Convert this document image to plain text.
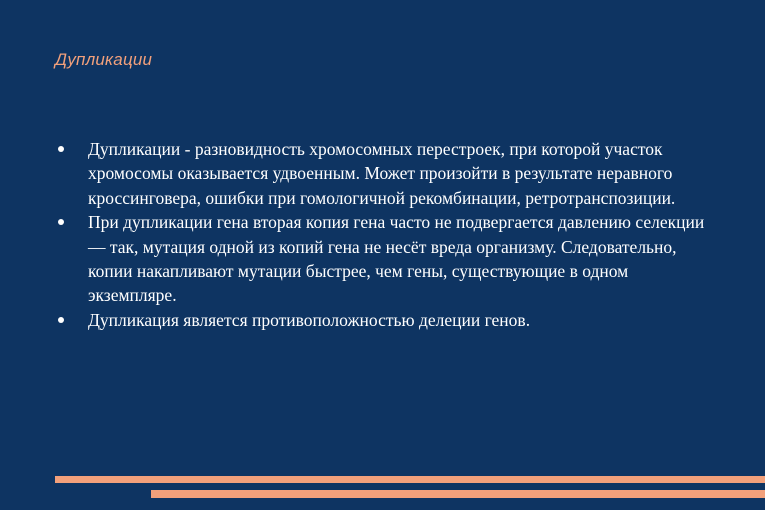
Дупликации
Дупликации - разновидность хромосомных перестроек, при которой участок хромосомы оказывается удвоенным. Может произойти в результате неравного кроссинговера, ошибки при гомологичной рекомбинации, ретротранспозиции.
При дупликации гена вторая копия гена часто не подвергается давлению селекции — так, мутация одной из копий гена не несёт вреда организму. Следовательно, копии накапливают мутации быстрее, чем гены, существующие в одном экземпляре.
Дупликация является противоположностью делеции генов.
